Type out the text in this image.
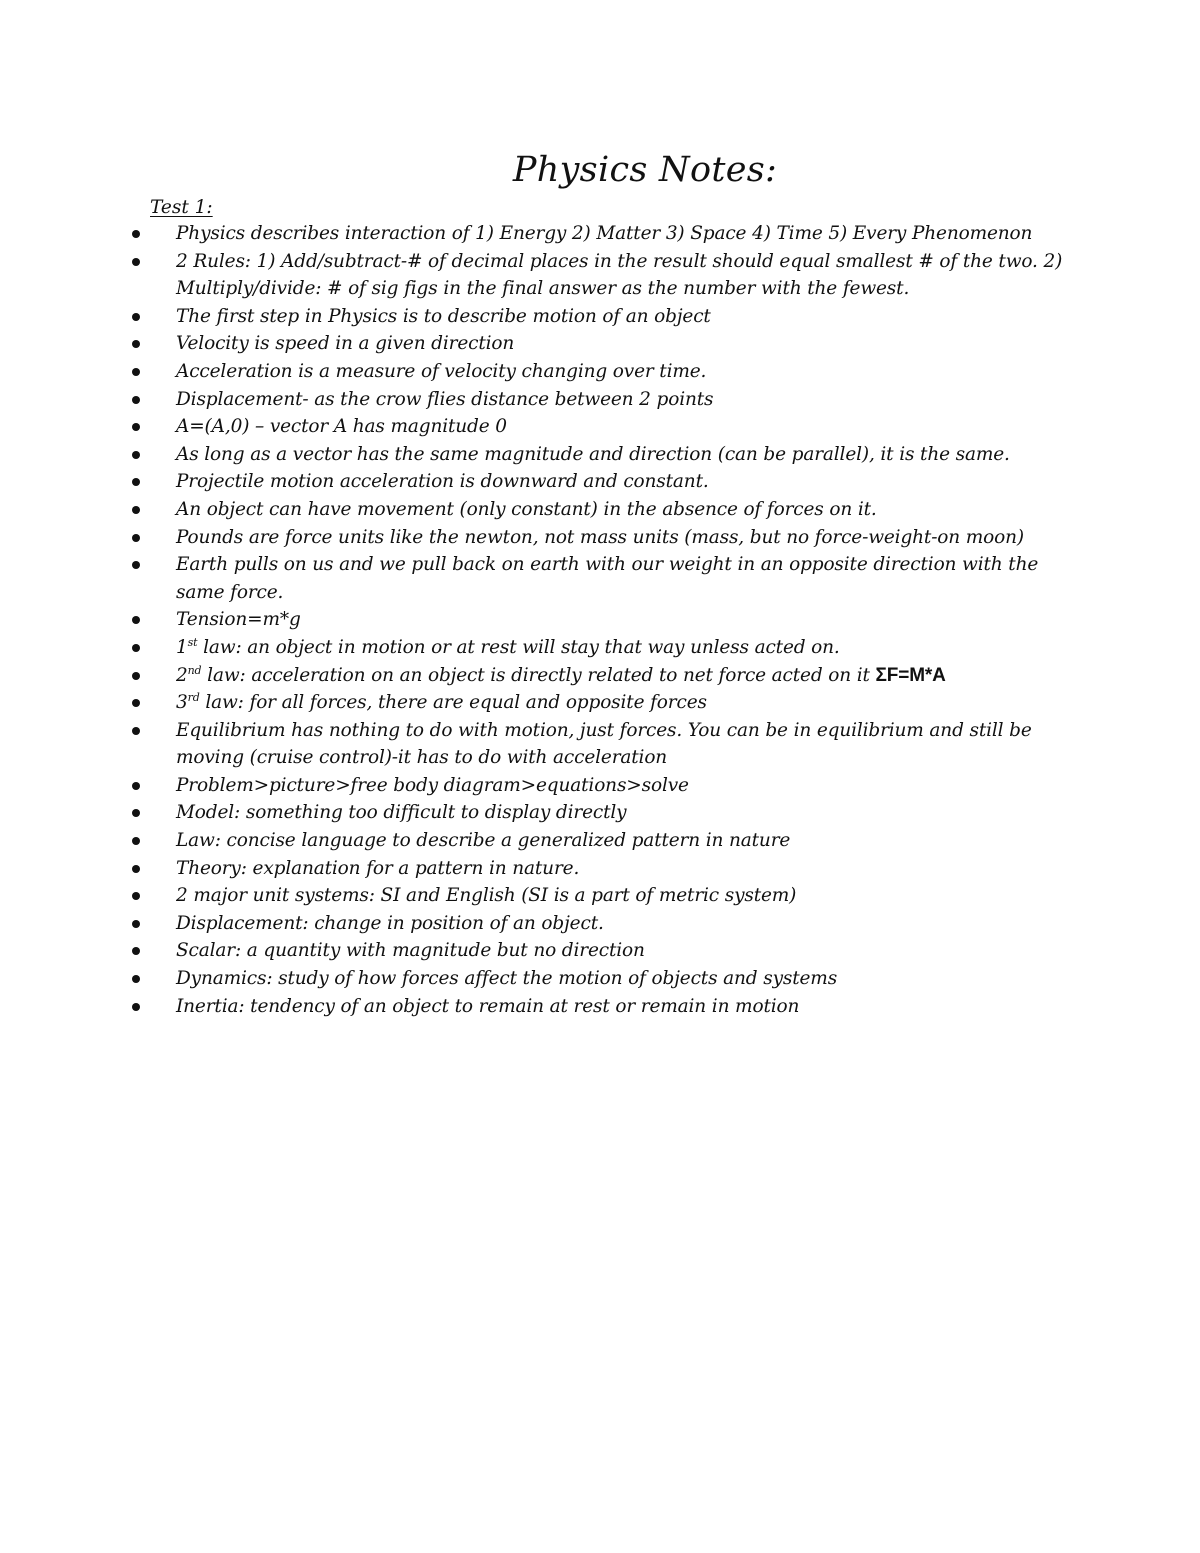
Physics Notes:
Test 1:
Physics describes interaction of 1) Energy 2) Matter 3) Space 4) Time 5) Every Phenomenon
2 Rules: 1) Add/subtract-# of decimal places in the result should equal smallest # of the two. 2) Multiply/divide: # of sig figs in the final answer as the number with the fewest.
The first step in Physics is to describe motion of an object
Velocity is speed in a given direction
Acceleration is a measure of velocity changing over time.
Displacement- as the crow flies distance between 2 points
A=(A,0) – vector A has magnitude 0
As long as a vector has the same magnitude and direction (can be parallel), it is the same.
Projectile motion acceleration is downward and constant.
An object can have movement (only constant) in the absence of forces on it.
Pounds are force units like the newton, not mass units (mass, but no force-weight-on moon)
Earth pulls on us and we pull back on earth with our weight in an opposite direction with the same force.
Tension=m*g
1st law: an object in motion or at rest will stay that way unless acted on.
2nd law: acceleration on an object is directly related to net force acted on it ΣF=M*A
3rd law: for all forces, there are equal and opposite forces
Equilibrium has nothing to do with motion, just forces. You can be in equilibrium and still be moving (cruise control)-it has to do with acceleration
Problem>picture>free body diagram>equations>solve
Model: something too difficult to display directly
Law: concise language to describe a generalized pattern in nature
Theory: explanation for a pattern in nature.
2 major unit systems: SI and English (SI is a part of metric system)
Displacement: change in position of an object.
Scalar: a quantity with magnitude but no direction
Dynamics: study of how forces affect the motion of objects and systems
Inertia: tendency of an object to remain at rest or remain in motion
